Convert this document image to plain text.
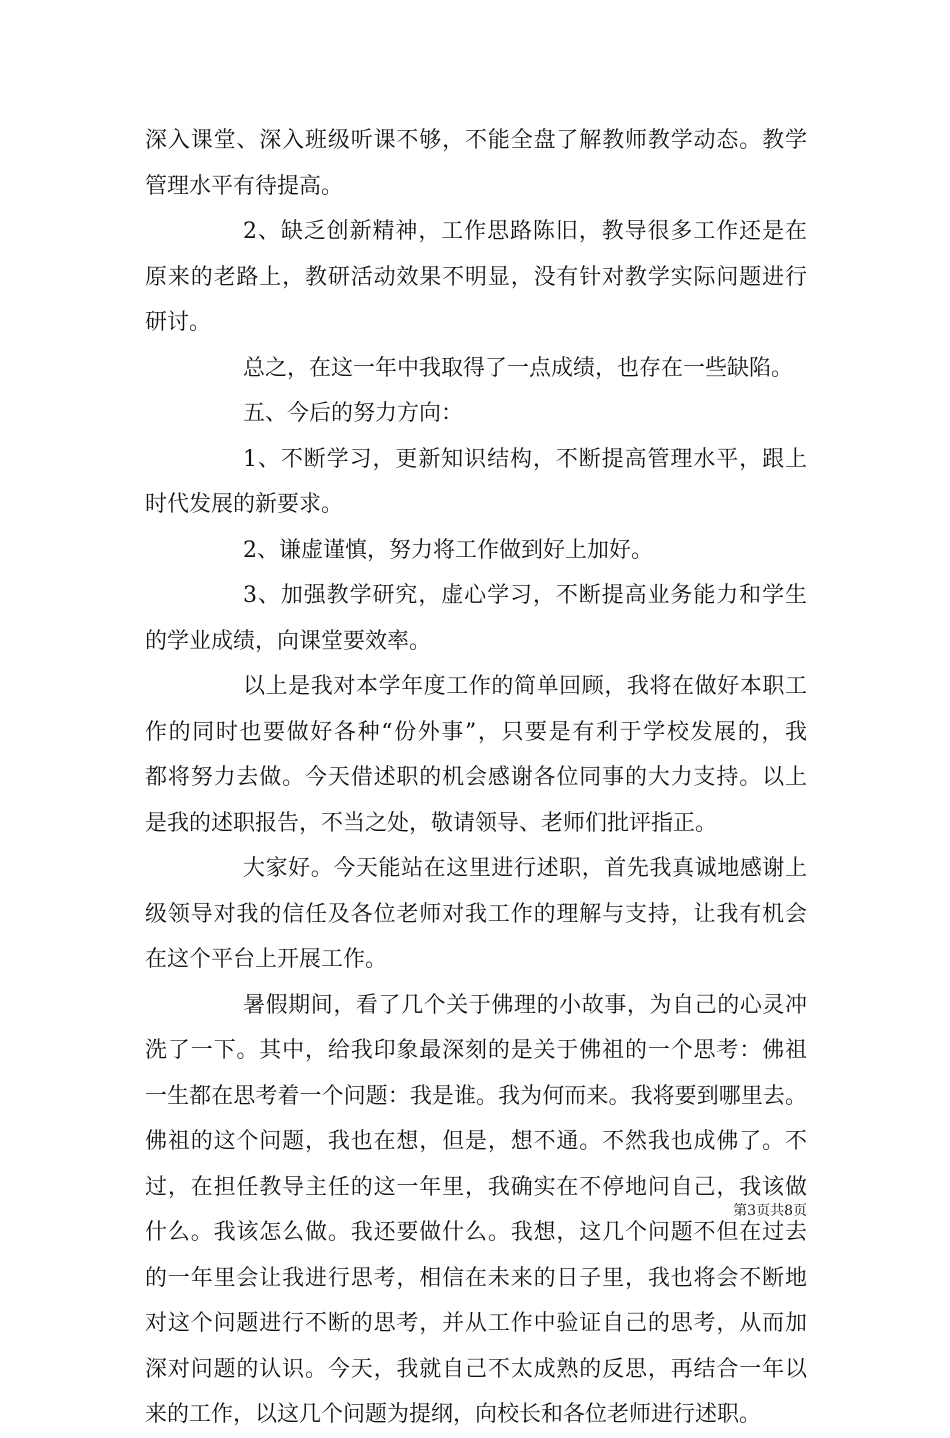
深入课堂、深入班级听课不够，不能全盘了解教师教学动态。教学
管理水平有待提高。
2、缺乏创新精神，工作思路陈旧，教导很多工作还是在
原来的老路上，教研活动效果不明显，没有针对教学实际问题进行
研讨。
总之，在这一年中我取得了一点成绩，也存在一些缺陷。
五、今后的努力方向：
1、不断学习，更新知识结构，不断提高管理水平，跟上
时代发展的新要求。
2、谦虚谨慎，努力将工作做到好上加好。
3、加强教学研究，虚心学习，不断提高业务能力和学生
的学业成绩，向课堂要效率。
以上是我对本学年度工作的简单回顾，我将在做好本职工
作的同时也要做好各种“份外事”，只要是有利于学校发展的，我
都将努力去做。今天借述职的机会感谢各位同事的大力支持。以上
是我的述职报告，不当之处，敬请领导、老师们批评指正。
大家好。今天能站在这里进行述职，首先我真诚地感谢上
级领导对我的信任及各位老师对我工作的理解与支持，让我有机会
在这个平台上开展工作。
暑假期间，看了几个关于佛理的小故事，为自己的心灵冲
洗了一下。其中，给我印象最深刻的是关于佛祖的一个思考：佛祖
一生都在思考着一个问题：我是谁。我为何而来。我将要到哪里去。
佛祖的这个问题，我也在想，但是，想不通。不然我也成佛了。不
过，在担任教导主任的这一年里，我确实在不停地问自己，我该做
什么。我该怎么做。我还要做什么。我想，这几个问题不但在过去
的一年里会让我进行思考，相信在未来的日子里，我也将会不断地
对这个问题进行不断的思考，并从工作中验证自己的思考，从而加
深对问题的认识。今天，我就自己不太成熟的反思，再结合一年以
来的工作，以这几个问题为提纲，向校长和各位老师进行述职。
第3页共8页
